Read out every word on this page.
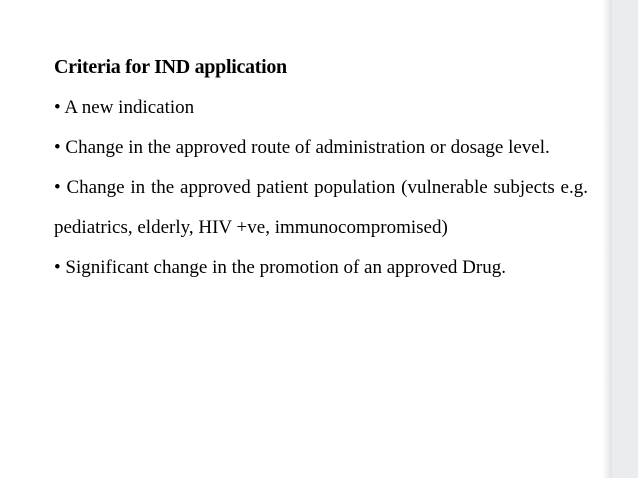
Criteria for IND application

• A new indication

• Change in the approved route of administration or dosage level.

• Change in the approved patient population (vulnerable subjects e.g. pediatrics, elderly, HIV +ve, immunocompromised)

• Significant change in the promotion of an approved Drug.
